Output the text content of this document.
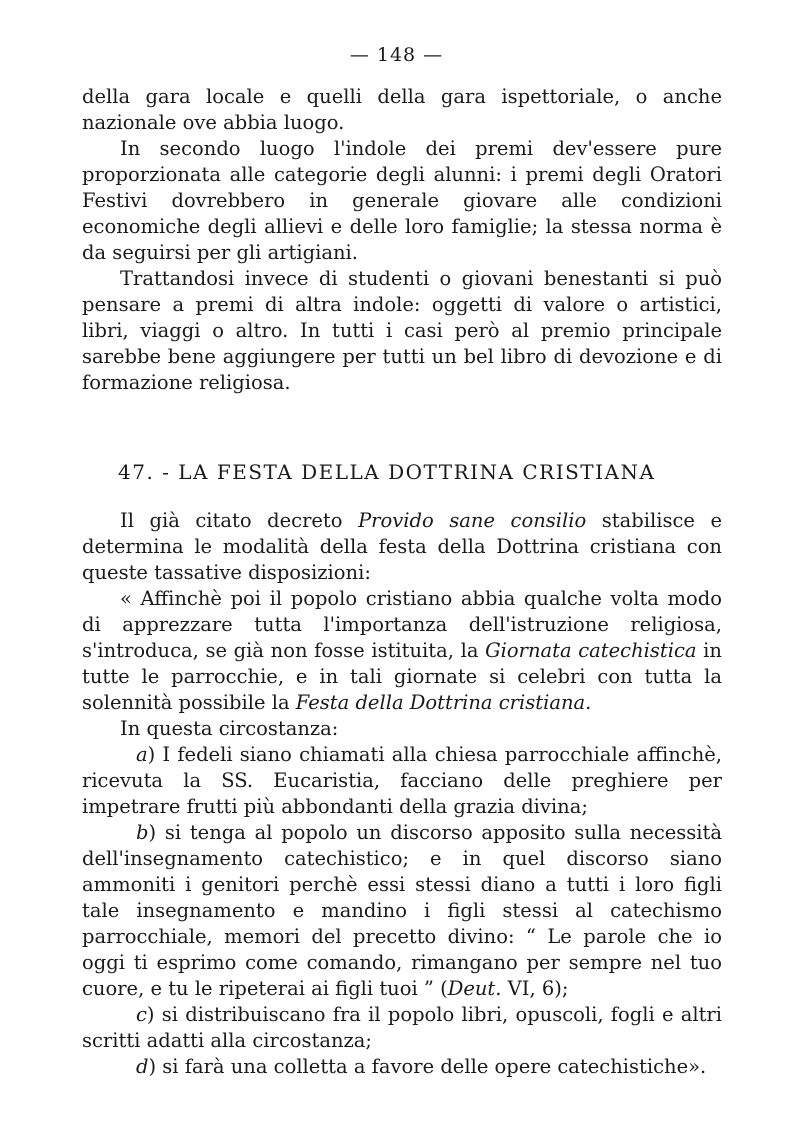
— 148 —

della gara locale e quelli della gara ispettoriale, o anche nazionale ove abbia luogo.

In secondo luogo l'indole dei premi dev'essere pure proporzionata alle categorie degli alunni: i premi degli Oratori Festivi dovrebbero in generale giovare alle condizioni economiche degli allievi e delle loro famiglie; la stessa norma è da seguirsi per gli artigiani.

Trattandosi invece di studenti o giovani benestanti si può pensare a premi di altra indole: oggetti di valore o artistici, libri, viaggi o altro. In tutti i casi però al premio principale sarebbe bene aggiungere per tutti un bel libro di devozione e di formazione religiosa.

47. - LA FESTA DELLA DOTTRINA CRISTIANA

Il già citato decreto Provido sane consilio stabilisce e determina le modalità della festa della Dottrina cristiana con queste tassative disposizioni:

« Affinchè poi il popolo cristiano abbia qualche volta modo di apprezzare tutta l'importanza dell'istruzione religiosa, s'introduca, se già non fosse istituita, la Giornata catechistica in tutte le parrocchie, e in tali giornate si celebri con tutta la solennità possibile la Festa della Dottrina cristiana.

In questa circostanza:

a) I fedeli siano chiamati alla chiesa parrocchiale affinchè, ricevuta la SS. Eucaristia, facciano delle preghiere per impetrare frutti più abbondanti della grazia divina;

b) si tenga al popolo un discorso apposito sulla necessità dell'insegnamento catechistico; e in quel discorso siano ammoniti i genitori perchè essi stessi diano a tutti i loro figli tale insegnamento e mandino i figli stessi al catechismo parrocchiale, memori del precetto divino: “ Le parole che io oggi ti esprimo come comando, rimangano per sempre nel tuo cuore, e tu le ripeterai ai figli tuoi ” (Deut. VI, 6);

c) si distribuiscano fra il popolo libri, opuscoli, fogli e altri scritti adatti alla circostanza;

d) si farà una colletta a favore delle opere catechistiche».
